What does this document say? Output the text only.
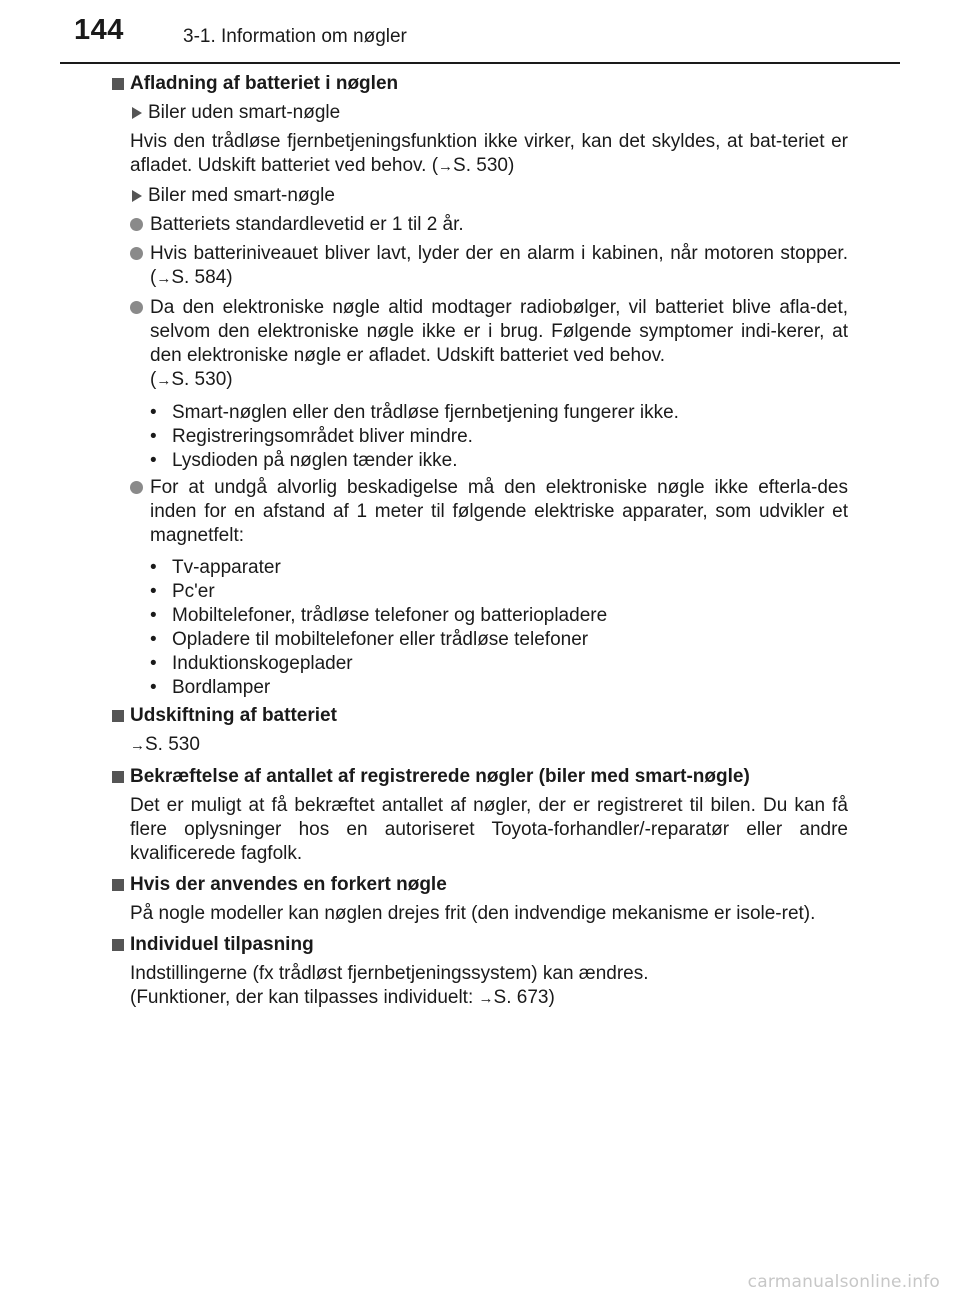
144	3-1. Information om nøgler
Afladning af batteriet i nøglen
Biler uden smart-nøgle
Hvis den trådløse fjernbetjeningsfunktion ikke virker, kan det skyldes, at bat-teriet er afladet. Udskift batteriet ved behov. (→S. 530)
Biler med smart-nøgle
Batteriets standardlevetid er 1 til 2 år.
Hvis batteriniveauet bliver lavt, lyder der en alarm i kabinen, når motoren stopper. (→S. 584)
Da den elektroniske nøgle altid modtager radiobølger, vil batteriet blive afla-det, selvom den elektroniske nøgle ikke er i brug. Følgende symptomer indi-kerer, at den elektroniske nøgle er afladet. Udskift batteriet ved behov.
(→S. 530)
• Smart-nøglen eller den trådløse fjernbetjening fungerer ikke.
• Registreringsområdet bliver mindre.
• Lysdioden på nøglen tænder ikke.
For at undgå alvorlig beskadigelse må den elektroniske nøgle ikke efterla-des inden for en afstand af 1 meter til følgende elektriske apparater, som udvikler et magnetfelt:
• Tv-apparater
• Pc'er
• Mobiltelefoner, trådløse telefoner og batteriopladere
• Opladere til mobiltelefoner eller trådløse telefoner
• Induktionskogeplader
• Bordlamper
Udskiftning af batteriet
→S. 530
Bekræftelse af antallet af registrerede nøgler (biler med smart-nøgle)
Det er muligt at få bekræftet antallet af nøgler, der er registreret til bilen. Du kan få flere oplysninger hos en autoriseret Toyota-forhandler/-reparatør eller andre kvalificerede fagfolk.
Hvis der anvendes en forkert nøgle
På nogle modeller kan nøglen drejes frit (den indvendige mekanisme er isole-ret).
Individuel tilpasning
Indstillingerne (fx trådløst fjernbetjeningssystem) kan ændres.
(Funktioner, der kan tilpasses individuelt: →S. 673)
carmanualsonline.info
